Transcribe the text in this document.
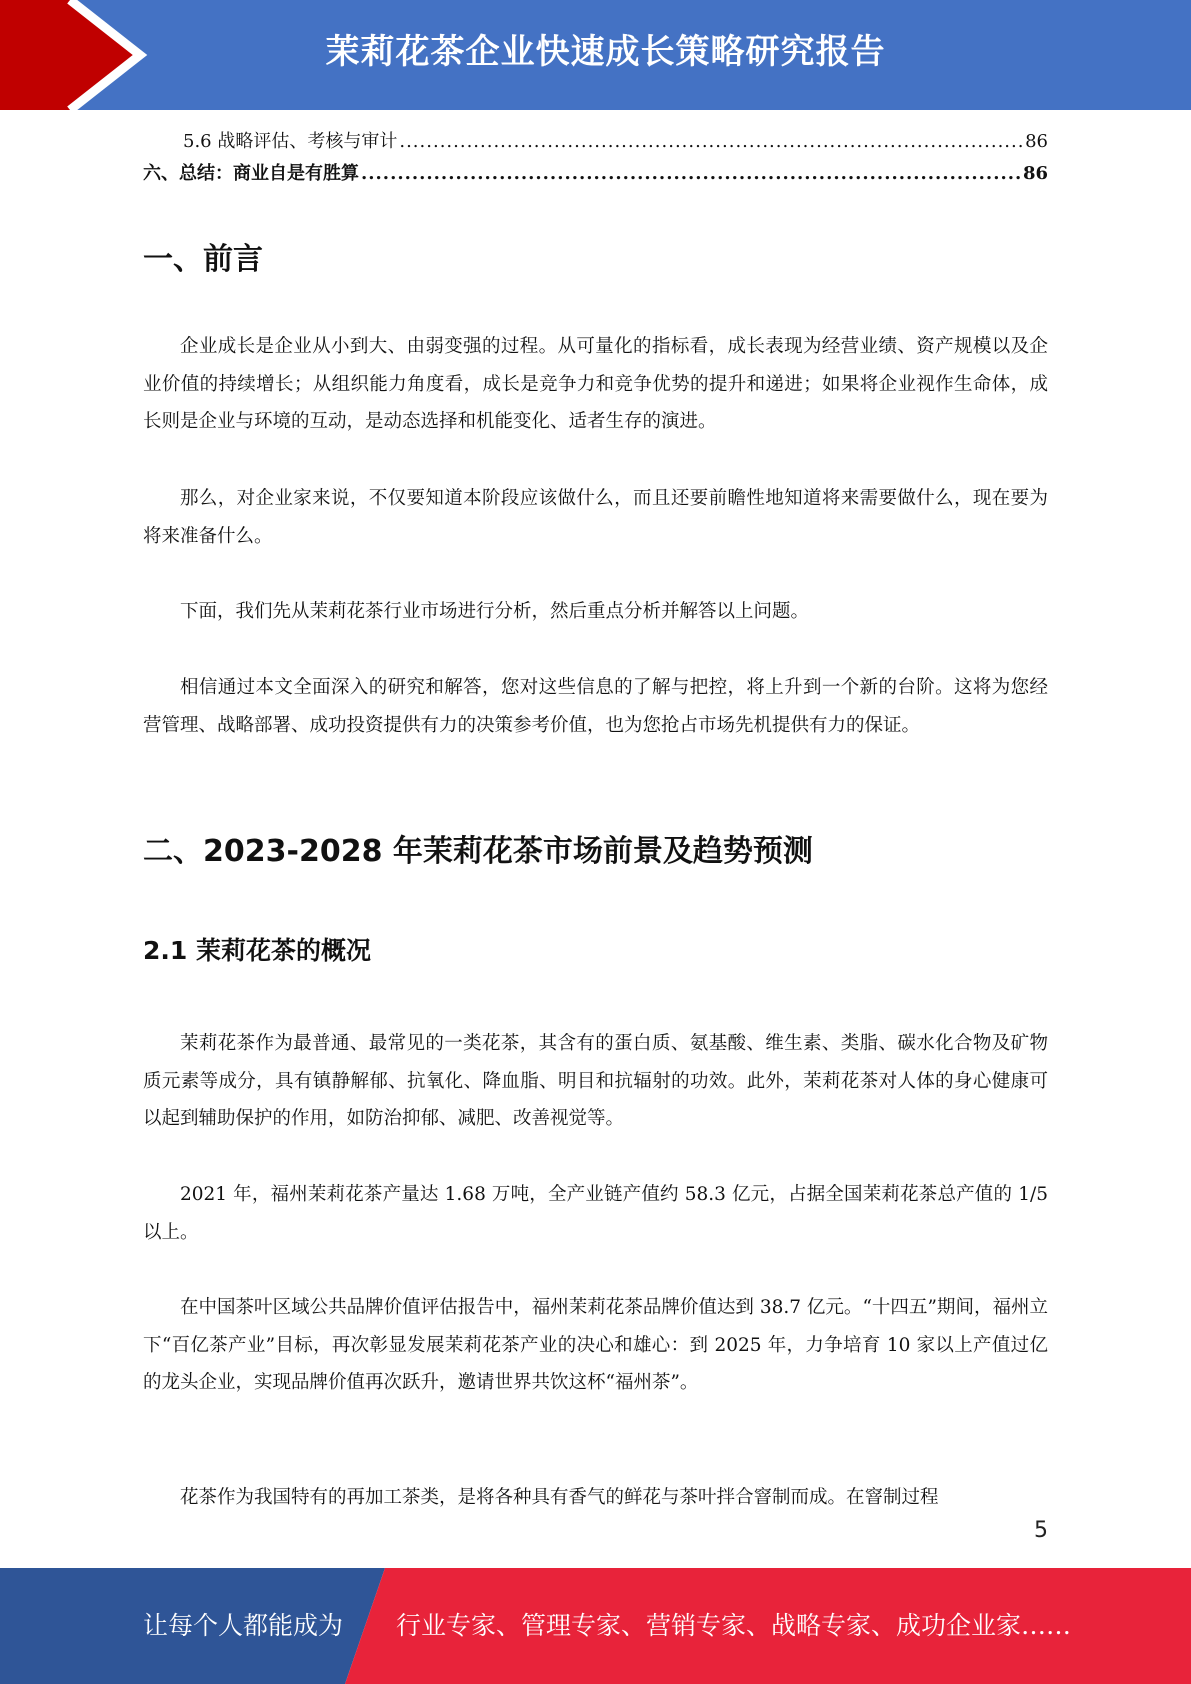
茉莉花茶企业快速成长策略研究报告
5.6 战略评估、考核与审计 .....	86
六、总结：商业自是有胜算 .....	86
一、前言

企业成长是企业从小到大、由弱变强的过程。从可量化的指标看，成长表现为经营业绩、资产规模以及企业价值的持续增长；从组织能力角度看，成长是竞争力和竞争优势的提升和递进；如果将企业视作生命体，成长则是企业与环境的互动，是动态选择和机能变化、适者生存的演进。

那么，对企业家来说，不仅要知道本阶段应该做什么，而且还要前瞻性地知道将来需要做什么，现在要为将来准备什么。

下面，我们先从茉莉花茶行业市场进行分析，然后重点分析并解答以上问题。

相信通过本文全面深入的研究和解答，您对这些信息的了解与把控，将上升到一个新的台阶。这将为您经营管理、战略部署、成功投资提供有力的决策参考价值，也为您抢占市场先机提供有力的保证。

二、2023-2028 年茉莉花茶市场前景及趋势预测
2.1 茉莉花茶的概况

茉莉花茶作为最普通、最常见的一类花茶，其含有的蛋白质、氨基酸、维生素、类脂、碳水化合物及矿物质元素等成分，具有镇静解郁、抗氧化、降血脂、明目和抗辐射的功效。此外，茉莉花茶对人体的身心健康可以起到辅助保护的作用，如防治抑郁、减肥、改善视觉等。

2021 年，福州茉莉花茶产量达 1.68 万吨，全产业链产值约 58.3 亿元，占据全国茉莉花茶总产值的 1/5 以上。

在中国茶叶区域公共品牌价值评估报告中，福州茉莉花茶品牌价值达到 38.7 亿元。“十四五”期间，福州立下“百亿茶产业”目标，再次彰显发展茉莉花茶产业的决心和雄心：到 2025 年，力争培育 10 家以上产值过亿的龙头企业，实现品牌价值再次跃升，邀请世界共饮这杯“福州茶”。

花茶作为我国特有的再加工茶类，是将各种具有香气的鲜花与茶叶拌合窨制而成。在窨制过程

5
让每个人都能成为 行业专家、管理专家、营销专家、战略专家、成功企业家……
